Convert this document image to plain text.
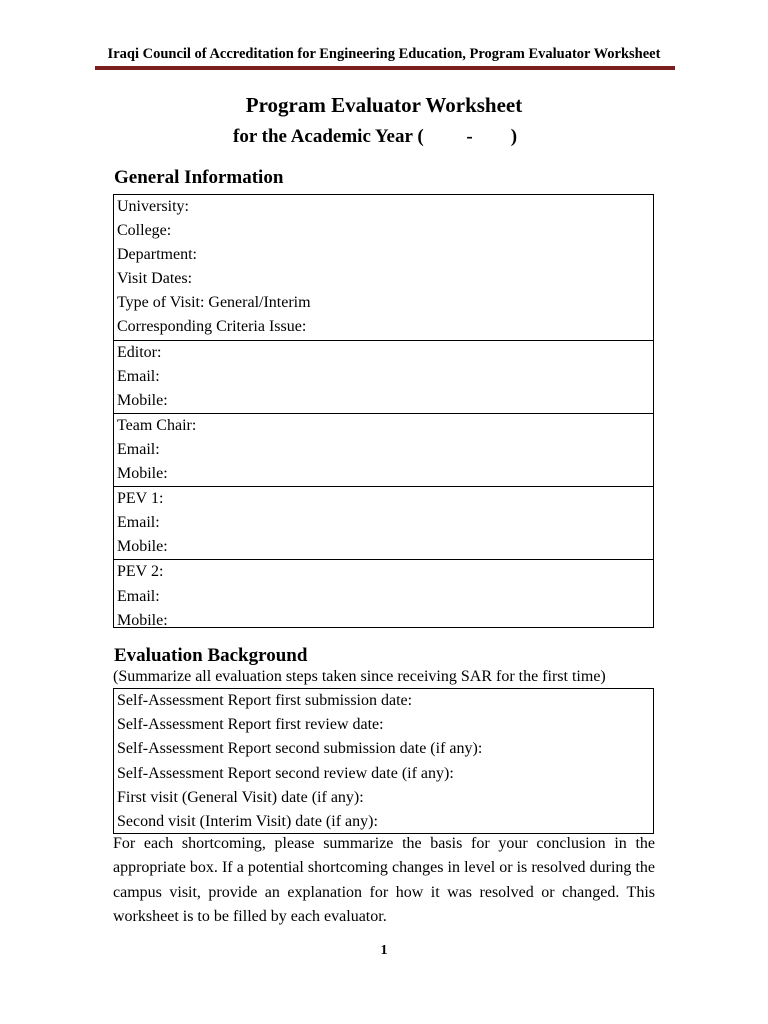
Iraqi Council of Accreditation for Engineering Education, Program Evaluator Worksheet
Program Evaluator Worksheet
for the Academic Year (         -        )
General Information
University:
College:
Department:
Visit Dates:
Type of Visit: General/Interim
Corresponding Criteria Issue:
Editor:
Email:
Mobile:
Team Chair:
Email:
Mobile:
PEV 1:
Email:
Mobile:
PEV 2:
Email:
Mobile:
Evaluation Background
(Summarize all evaluation steps taken since receiving SAR for the first time)
Self-Assessment Report first submission date:
Self-Assessment Report first review date:
Self-Assessment Report second submission date (if any):
Self-Assessment Report second review date (if any):
First visit (General Visit) date (if any):
Second visit (Interim Visit) date (if any):
For each shortcoming, please summarize the basis for your conclusion in the appropriate box. If a potential shortcoming changes in level or is resolved during the campus visit, provide an explanation for how it was resolved or changed. This worksheet is to be filled by each evaluator.
1
